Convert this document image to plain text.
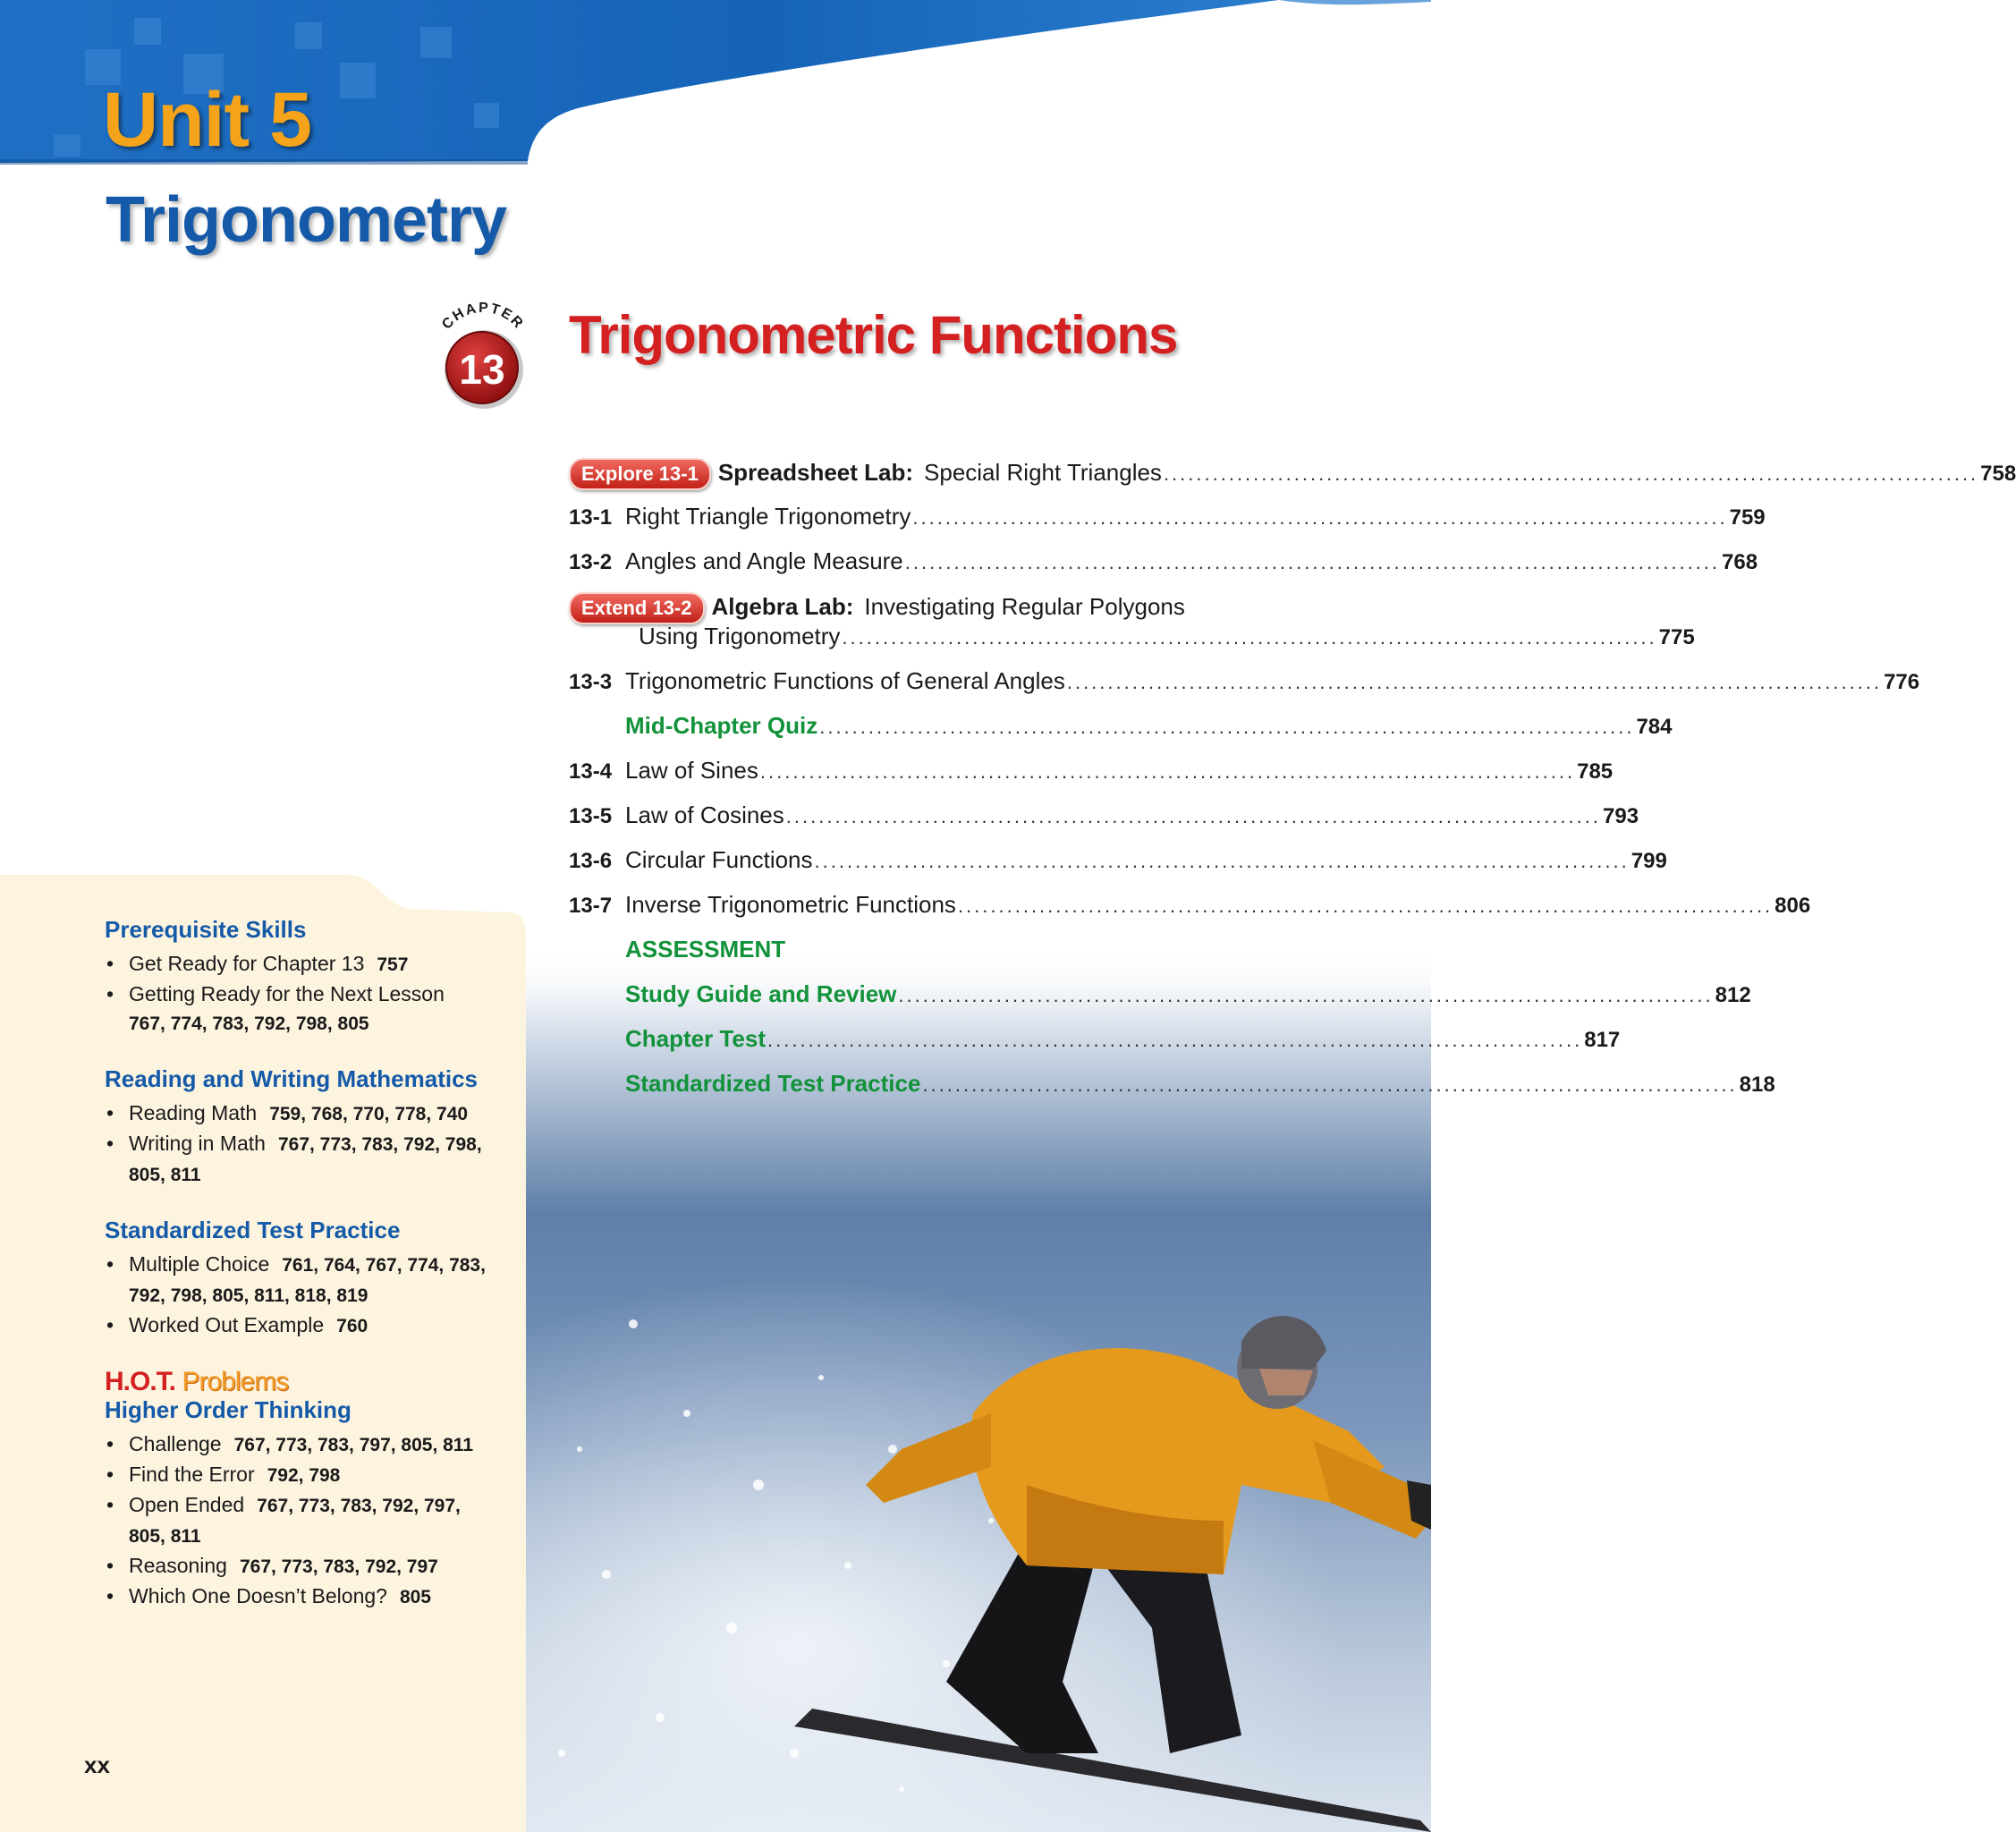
Unit 5
Trigonometry
CHAPTER
13
Trigonometric Functions
Explore 13-1 Spreadsheet Lab: Special Right Triangles .................................................................................................... 758
13-1 Right Triangle Trigonometry .................................................................................................... 759
13-2 Angles and Angle Measure .................................................................................................... 768
Extend 13-2 Algebra Lab: Investigating Regular Polygons
Using Trigonometry .................................................................................................... 775
13-3 Trigonometric Functions of General Angles .................................................................................................... 776
Mid-Chapter Quiz .................................................................................................... 784
13-4 Law of Sines .................................................................................................... 785
13-5 Law of Cosines .................................................................................................... 793
13-6 Circular Functions .................................................................................................... 799
13-7 Inverse Trigonometric Functions .................................................................................................... 806
ASSESSMENT
Study Guide and Review .................................................................................................... 812
Chapter Test .................................................................................................... 817
Standardized Test Practice .................................................................................................... 818
Prerequisite Skills
• Get Ready for Chapter 13 757
• Getting Ready for the Next Lesson
767, 774, 783, 792, 798, 805
Reading and Writing Mathematics
• Reading Math 759, 768, 770, 778, 740
• Writing in Math 767, 773, 783, 792, 798, 805, 811
Standardized Test Practice
• Multiple Choice 761, 764, 767, 774, 783, 792, 798, 805, 811, 818, 819
• Worked Out Example 760
H.O.T. Problems
Higher Order Thinking
• Challenge 767, 773, 783, 797, 805, 811
• Find the Error 792, 798
• Open Ended 767, 773, 783, 792, 797, 805, 811
• Reasoning 767, 773, 783, 792, 797
• Which One Doesn’t Belong? 805
xx
